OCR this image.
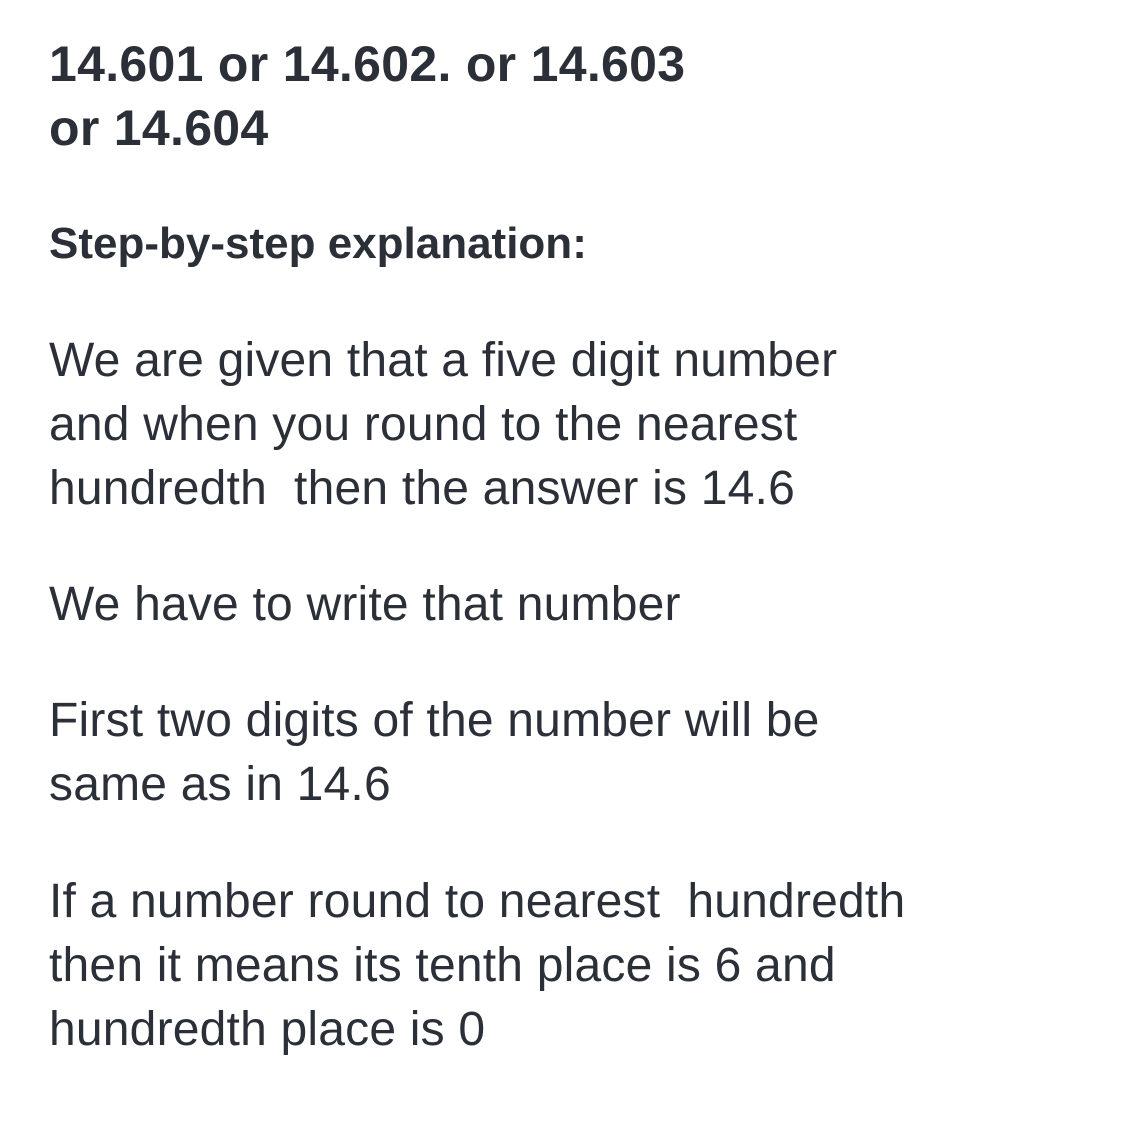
14.601 or 14.602. or 14.603
or 14.604

Step-by-step explanation:

We are given that a five digit number
and when you round to the nearest
hundredth  then the answer is 14.6

We have to write that number

First two digits of the number will be
same as in 14.6

If a number round to nearest  hundredth
then it means its tenth place is 6 and
hundredth place is 0
